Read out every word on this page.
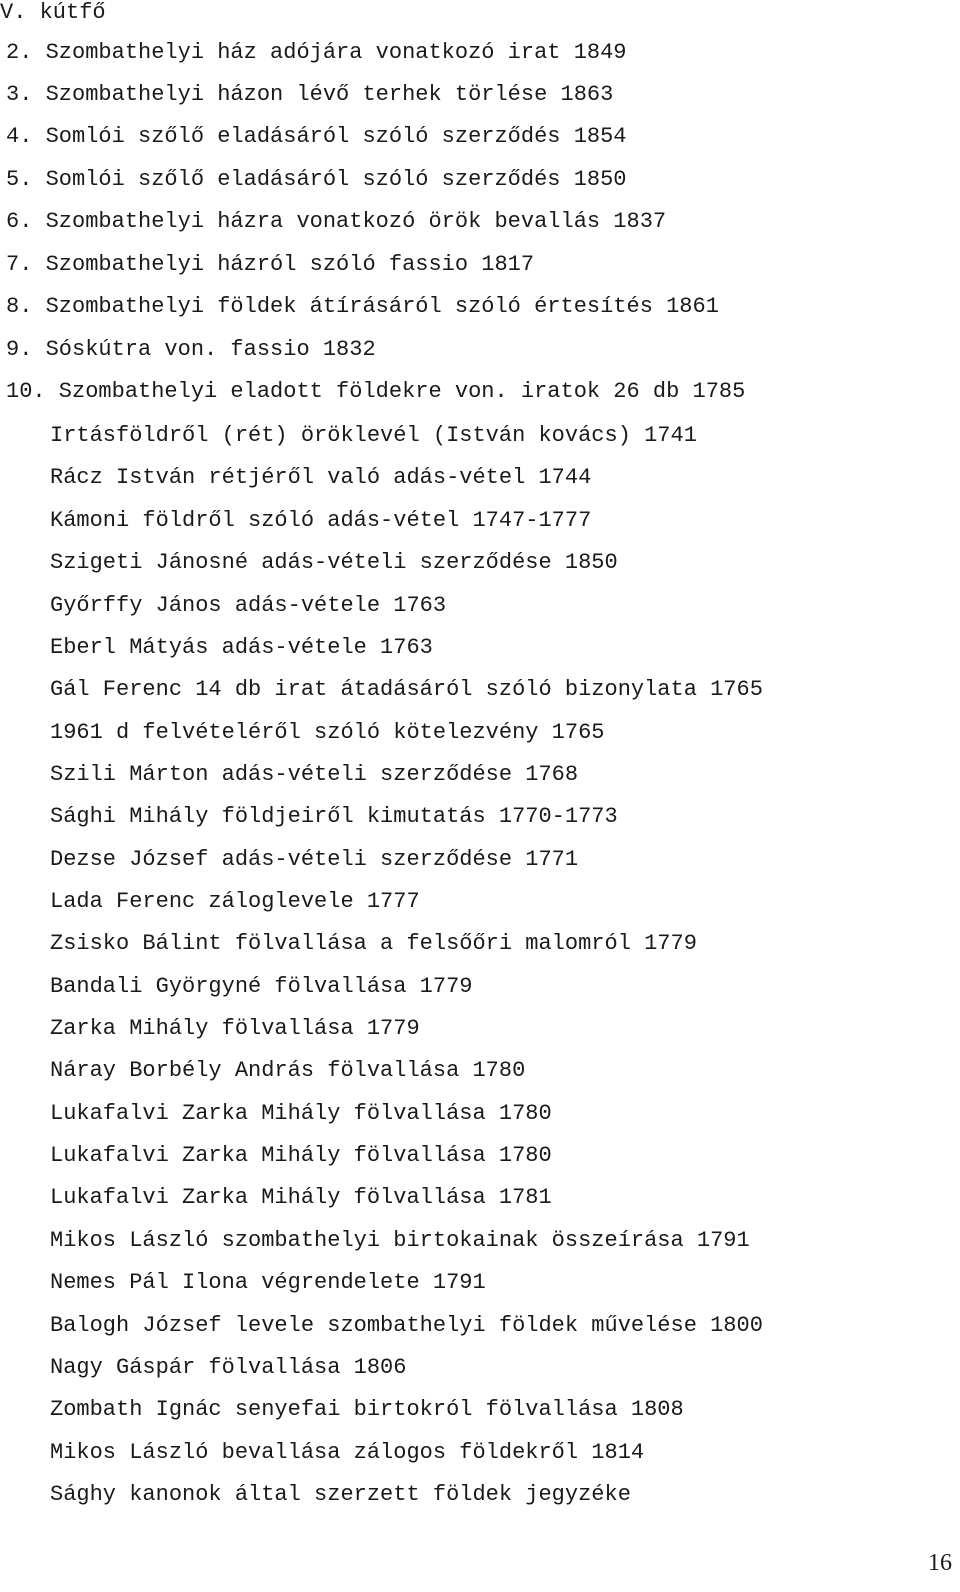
V. kútfő

2. Szombathelyi ház adójára vonatkozó irat 1849

3. Szombathelyi házon lévő terhek törlése 1863

4. Somlói szőlő eladásáról szóló szerződés 1854

5. Somlói szőlő eladásáról szóló szerződés 1850

6. Szombathelyi házra vonatkozó örök bevallás 1837

7. Szombathelyi házról szóló fassio 1817

8. Szombathelyi földek átírásáról szóló értesítés 1861

9. Sóskútra von. fassio 1832

10. Szombathelyi eladott földekre von. iratok 26 db 1785

Irtásföldről (rét) öröklevél (István kovács) 1741

Rácz István rétjéről való adás-vétel 1744

Kámoni földről szóló adás-vétel 1747-1777

Szigeti Jánosné adás-vételi szerződése 1850

Győrffy János adás-vétele 1763

Eberl Mátyás adás-vétele 1763

Gál Ferenc 14 db irat átadásáról szóló bizonylata 1765

1961 d felvételéről szóló kötelezvény 1765

Szili Márton adás-vételi szerződése 1768

Sághi Mihály földjeiről kimutatás 1770-1773

Dezse József adás-vételi szerződése 1771

Lada Ferenc záloglevele 1777

Zsisko Bálint fölvallása a felsőőri malomról 1779

Bandali Györgyné fölvallása 1779

Zarka Mihály fölvallása 1779

Náray Borbély András fölvallása 1780

Lukafalvi Zarka Mihály fölvallása 1780

Lukafalvi Zarka Mihály fölvallása 1780

Lukafalvi Zarka Mihály fölvallása 1781

Mikos László szombathelyi birtokainak összeírása 1791

Nemes Pál Ilona végrendelete 1791

Balogh József levele szombathelyi földek művelése 1800

Nagy Gáspár fölvallása 1806

Zombath Ignác senyefai birtokról fölvallása 1808

Mikos László bevallása zálogos földekről 1814

Sághy kanonok által szerzett földek jegyzéke

16
